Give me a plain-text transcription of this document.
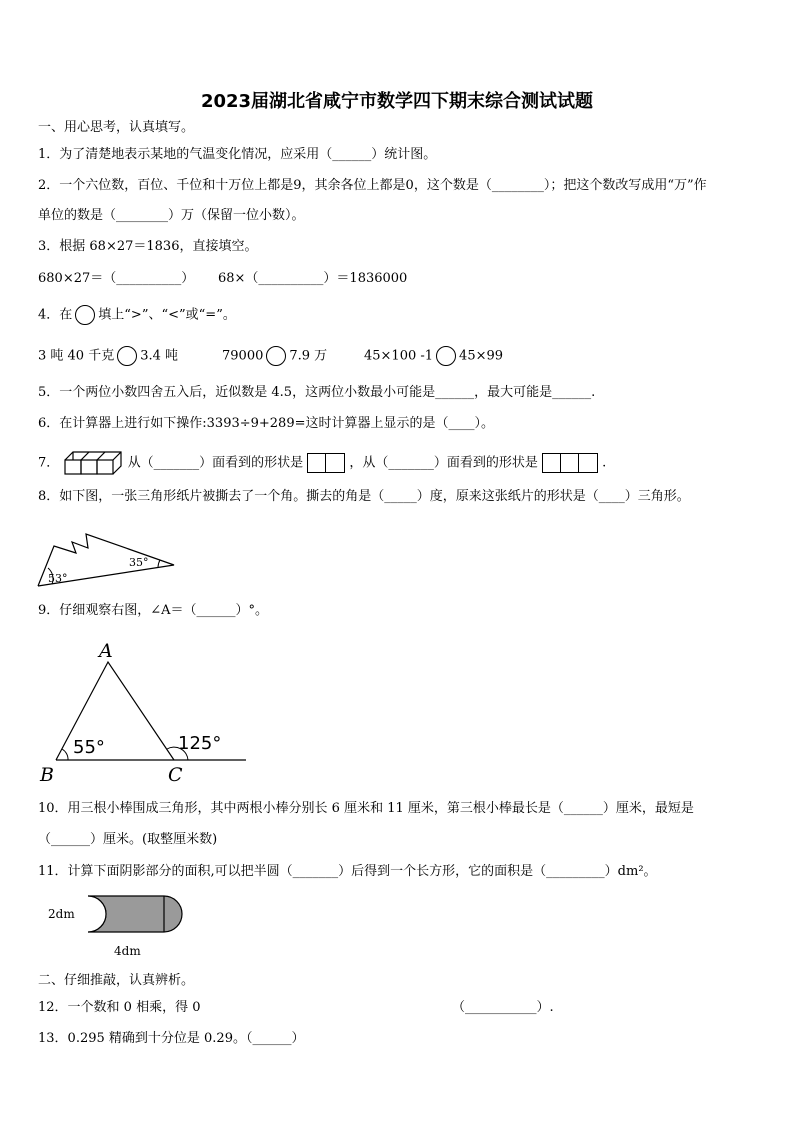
2023届湖北省咸宁市数学四下期末综合测试试题
一、用心思考，认真填写。
1．为了清楚地表示某地的气温变化情况，应采用（______）统计图。
2．一个六位数，百位、千位和十万位上都是9，其余各位上都是0，这个数是（________）；把这个数改写成用“万”作
单位的数是（________）万（保留一位小数）。
3．根据 68×27＝1836，直接填空。
680×27＝（__________） 68×（__________）＝1836000
4．在 填上“>”、“<”或“=”。
3 吨 40 千克 3.4 吨	79000 7.9 万	45×100 -1 45×99
5．一个两位小数四舍五入后，近似数是 4.5，这两位小数最小可能是______，最大可能是______.
6．在计算器上进行如下操作:3393÷9+289=这时计算器上显示的是（____）。
7．	从（_______）面看到的形状是	，从（_______）面看到的形状是	.
8．如下图，一张三角形纸片被撕去了一个角。撕去的角是（_____）度，原来这张纸片的形状是（____）三角形。
53°
35°
9．仔细观察右图，∠A＝（______）°。
A
B	C
55°	125°
10．用三根小棒围成三角形，其中两根小棒分别长 6 厘米和 11 厘米，第三根小棒最长是（______）厘米，最短是
（______）厘米。(取整厘米数)
11．计算下面阴影部分的面积,可以把半圆（_______）后得到一个长方形，它的面积是（_________）dm²。
2dm
4dm
二、仔细推敲，认真辨析。
12．一个数和 0 相乘，得 0	（___________）.
13．0.295 精确到十分位是 0.29。（______）
